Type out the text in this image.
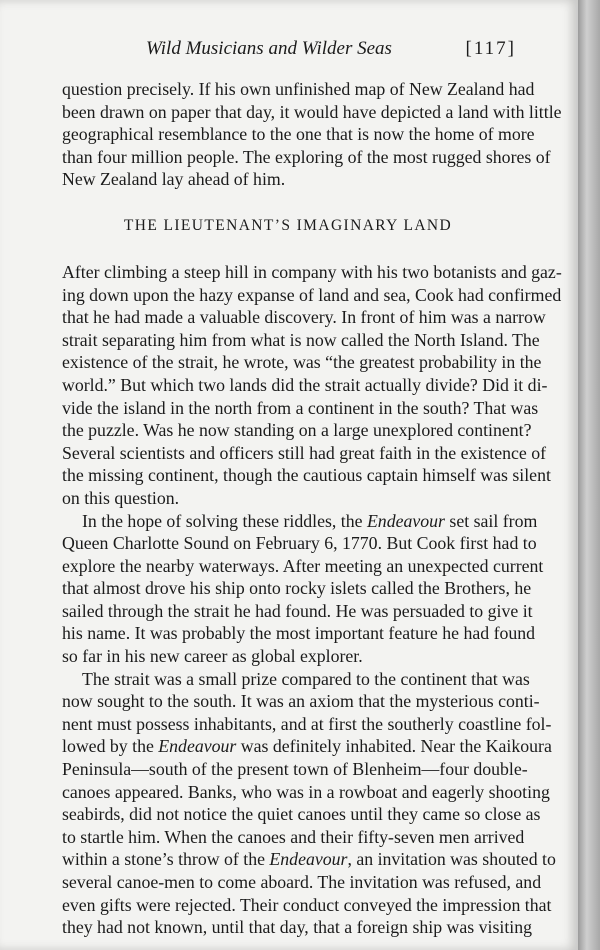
Wild Musicians and Wilder Seas	[117]
question precisely. If his own unfinished map of New Zealand had
been drawn on paper that day, it would have depicted a land with little
geographical resemblance to the one that is now the home of more
than four million people. The exploring of the most rugged shores of
New Zealand lay ahead of him.
THE LIEUTENANT’S IMAGINARY LAND
After climbing a steep hill in company with his two botanists and gaz-
ing down upon the hazy expanse of land and sea, Cook had confirmed
that he had made a valuable discovery. In front of him was a narrow
strait separating him from what is now called the North Island. The
existence of the strait, he wrote, was “the greatest probability in the
world.” But which two lands did the strait actually divide? Did it di-
vide the island in the north from a continent in the south? That was
the puzzle. Was he now standing on a large unexplored continent?
Several scientists and officers still had great faith in the existence of
the missing continent, though the cautious captain himself was silent
on this question.
In the hope of solving these riddles, the Endeavour set sail from
Queen Charlotte Sound on February 6, 1770. But Cook first had to
explore the nearby waterways. After meeting an unexpected current
that almost drove his ship onto rocky islets called the Brothers, he
sailed through the strait he had found. He was persuaded to give it
his name. It was probably the most important feature he had found
so far in his new career as global explorer.
The strait was a small prize compared to the continent that was
now sought to the south. It was an axiom that the mysterious conti-
nent must possess inhabitants, and at first the southerly coastline fol-
lowed by the Endeavour was definitely inhabited. Near the Kaikoura
Peninsula—south of the present town of Blenheim—four double-
canoes appeared. Banks, who was in a rowboat and eagerly shooting
seabirds, did not notice the quiet canoes until they came so close as
to startle him. When the canoes and their fifty-seven men arrived
within a stone’s throw of the Endeavour, an invitation was shouted to
several canoe-men to come aboard. The invitation was refused, and
even gifts were rejected. Their conduct conveyed the impression that
they had not known, until that day, that a foreign ship was visiting
